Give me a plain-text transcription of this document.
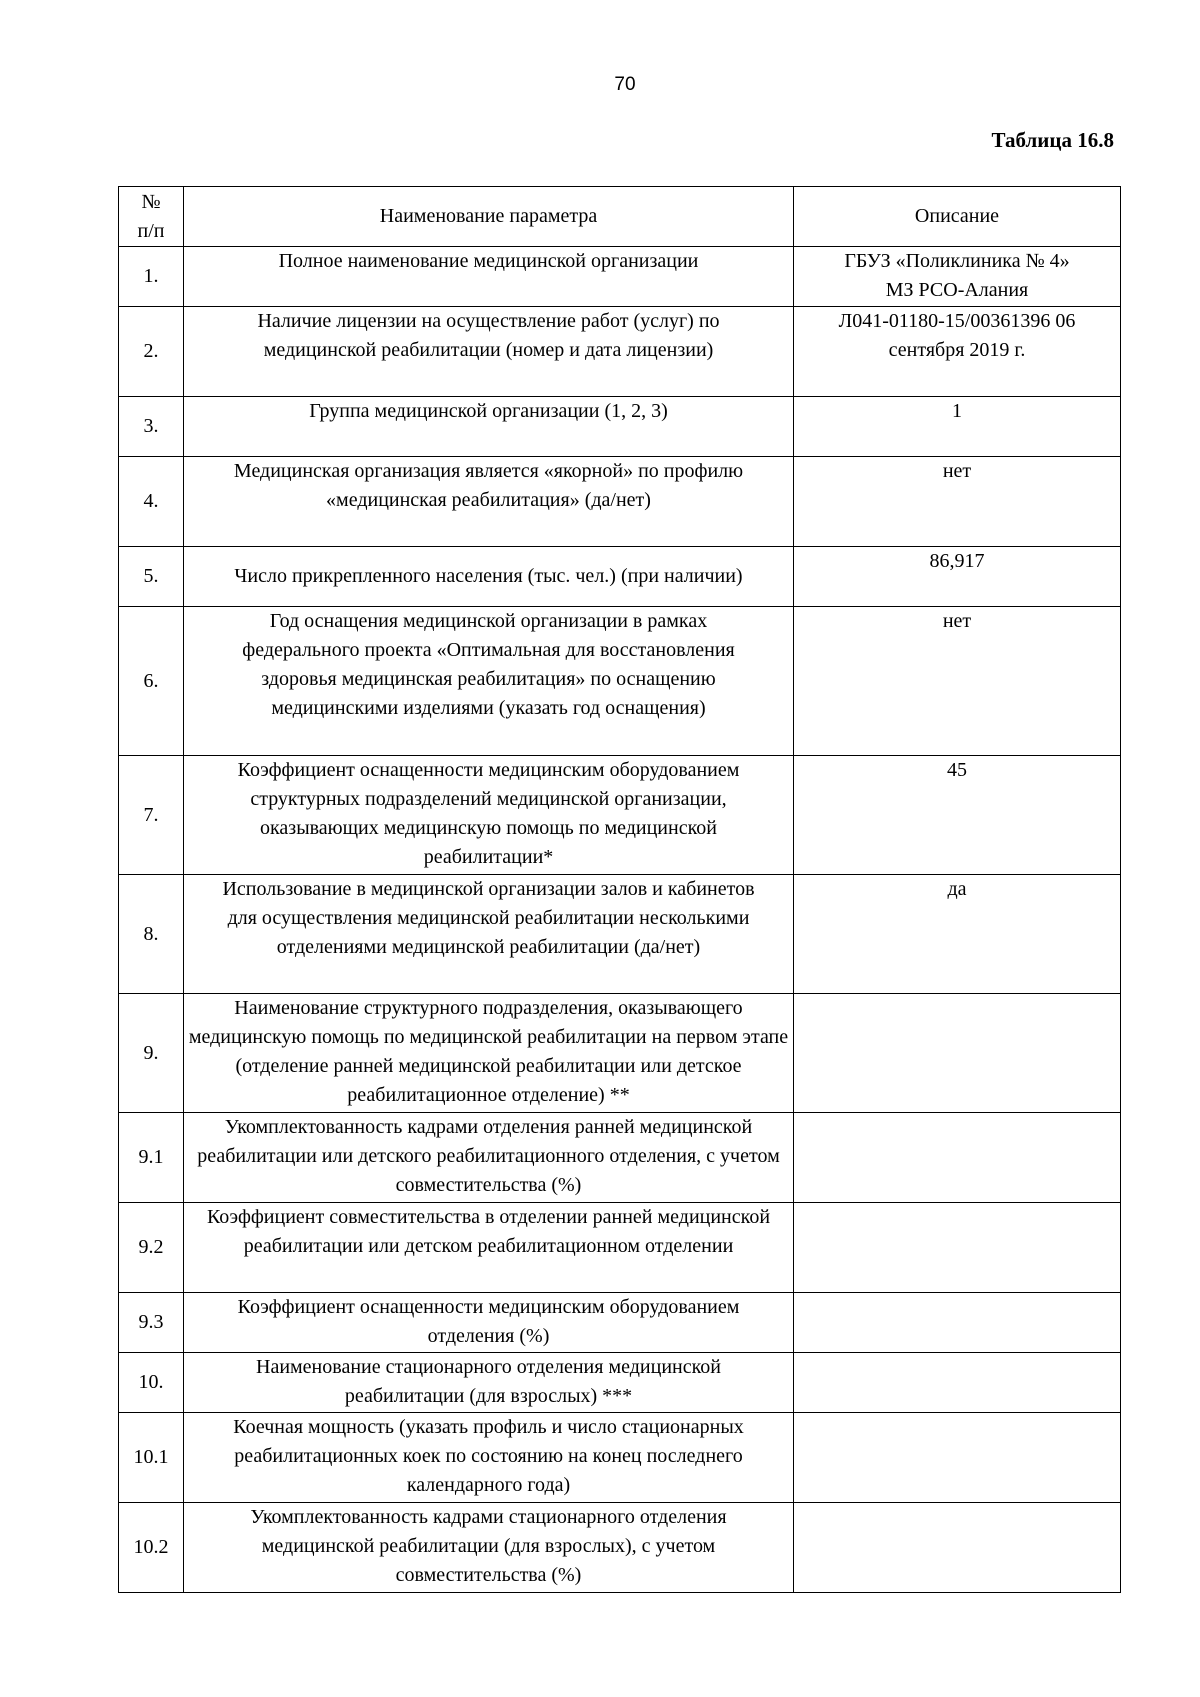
70
Таблица 16.8
№ п/п	Наименование параметра	Описание
1.	Полное наименование медицинской организации	ГБУЗ «Поликлиника № 4» МЗ РСО-Алания
2.	Наличие лицензии на осуществление работ (услуг) по медицинской реабилитации (номер и дата лицензии)	Л041-01180-15/00361396 06 сентября 2019 г.
3.	Группа медицинской организации (1, 2, 3)	1
4.	Медицинская организация является «якорной» по профилю «медицинская реабилитация» (да/нет)	нет
5.	Число прикрепленного населения (тыс. чел.) (при наличии)	86,917
6.	Год оснащения медицинской организации в рамках федерального проекта «Оптимальная для восстановления здоровья медицинская реабилитация» по оснащению медицинскими изделиями (указать год оснащения)	нет
7.	Коэффициент оснащенности медицинским оборудованием структурных подразделений медицинской организации, оказывающих медицинскую помощь по медицинской реабилитации*	45
8.	Использование в медицинской организации залов и кабинетов для осуществления медицинской реабилитации несколькими отделениями медицинской реабилитации (да/нет)	да
9.	Наименование структурного подразделения, оказывающего медицинскую помощь по медицинской реабилитации на первом этапе (отделение ранней медицинской реабилитации или детское реабилитационное отделение) **	
9.1	Укомплектованность кадрами отделения ранней медицинской реабилитации или детского реабилитационного отделения, с учетом совместительства (%)	
9.2	Коэффициент совместительства в отделении ранней медицинской реабилитации или детском реабилитационном отделении	
9.3	Коэффициент оснащенности медицинским оборудованием отделения (%)	
10.	Наименование стационарного отделения медицинской реабилитации (для взрослых) ***	
10.1	Коечная мощность (указать профиль и число стационарных реабилитационных коек по состоянию на конец последнего календарного года)	
10.2	Укомплектованность кадрами стационарного отделения медицинской реабилитации (для взрослых), с учетом совместительства (%)	
